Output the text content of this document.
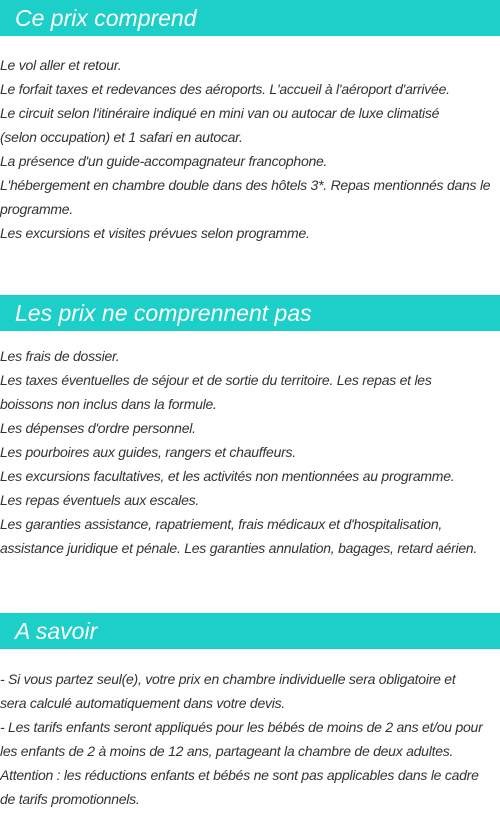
Ce prix comprend
Le vol aller et retour.
Le forfait taxes et redevances des aéroports. L'accueil à l'aéroport d'arrivée.
Le circuit selon l'itinéraire indiqué en mini van ou autocar de luxe climatisé
(selon occupation) et 1 safari en autocar.
La présence d'un guide-accompagnateur francophone.
L'hébergement en chambre double dans des hôtels 3*. Repas mentionnés dans le
programme.
Les excursions et visites prévues selon programme.
Les prix ne comprennent pas
Les frais de dossier.
Les taxes éventuelles de séjour et de sortie du territoire. Les repas et les
boissons non inclus dans la formule.
Les dépenses d'ordre personnel.
Les pourboires aux guides, rangers et chauffeurs.
Les excursions facultatives, et les activités non mentionnées au programme.
Les repas éventuels aux escales.
Les garanties assistance, rapatriement, frais médicaux et d'hospitalisation,
assistance juridique et pénale. Les garanties annulation, bagages, retard aérien.
A savoir
- Si vous partez seul(e), votre prix en chambre individuelle sera obligatoire et
sera calculé automatiquement dans votre devis.
- Les tarifs enfants seront appliqués pour les bébés de moins de 2 ans et/ou pour
les enfants de 2 à moins de 12 ans, partageant la chambre de deux adultes.
Attention : les réductions enfants et bébés ne sont pas applicables dans le cadre
de tarifs promotionnels.
